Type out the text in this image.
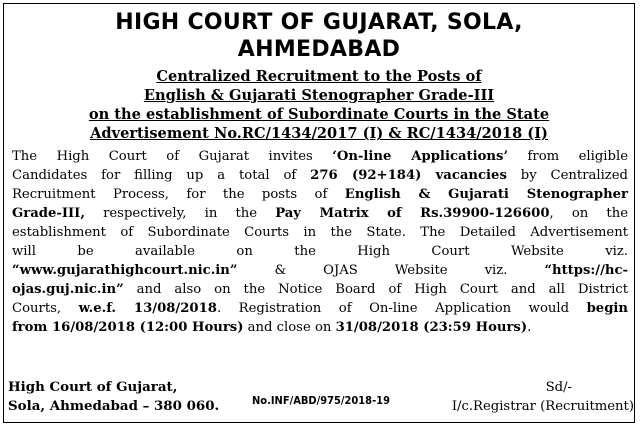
HIGH COURT OF GUJARAT, SOLA,
AHMEDABAD
Centralized Recruitment to the Posts of
English & Gujarati Stenographer Grade-III
on the establishment of Subordinate Courts in the State
Advertisement No.RC/1434/2017 (I) & RC/1434/2018 (I)
The High Court of Gujarat invites ‘On-line Applications’ from eligible
Candidates for filling up a total of 276 (92+184) vacancies by Centralized
Recruitment Process, for the posts of English & Gujarati Stenographer
Grade-III, respectively, in the Pay Matrix of Rs.39900-126600, on the
establishment of Subordinate Courts in the State. The Detailed Advertisement
will be available on the High Court Website viz.
“www.gujarathighcourt.nic.in” & OJAS Website viz. “https://hc-
ojas.guj.nic.in” and also on the Notice Board of High Court and all District
Courts, w.e.f. 13/08/2018. Registration of On-line Application would begin
from 16/08/2018 (12:00 Hours) and close on 31/08/2018 (23:59 Hours).
High Court of Gujarat,
Sola, Ahmedabad – 380 060.	No.INF/ABD/975/2018-19
Sd/-
I/c.Registrar (Recruitment)
